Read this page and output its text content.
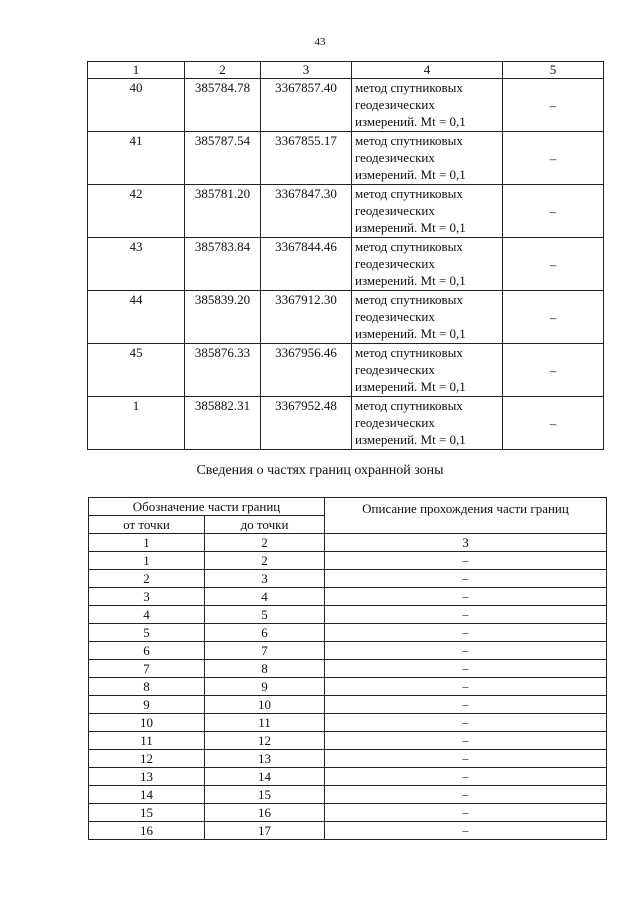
43
1	2	3	4	5
40	385784.78	3367857.40	метод спутниковых
геодезических
измерений. Mt = 0,1	–
41	385787.54	3367855.17	метод спутниковых
геодезических
измерений. Mt = 0,1	–
42	385781.20	3367847.30	метод спутниковых
геодезических
измерений. Mt = 0,1	–
43	385783.84	3367844.46	метод спутниковых
геодезических
измерений. Mt = 0,1	–
44	385839.20	3367912.30	метод спутниковых
геодезических
измерений. Mt = 0,1	–
45	385876.33	3367956.46	метод спутниковых
геодезических
измерений. Mt = 0,1	–
1	385882.31	3367952.48	метод спутниковых
геодезических
измерений. Mt = 0,1	–
Сведения о частях границ охранной зоны
Обозначение части границ		Описание прохождения части границ
от точки	до точки	
1	2	3
1	2	–
2	3	–
3	4	–
4	5	–
5	6	–
6	7	–
7	8	–
8	9	–
9	10	–
10	11	–
11	12	–
12	13	–
13	14	–
14	15	–
15	16	–
16	17	–
